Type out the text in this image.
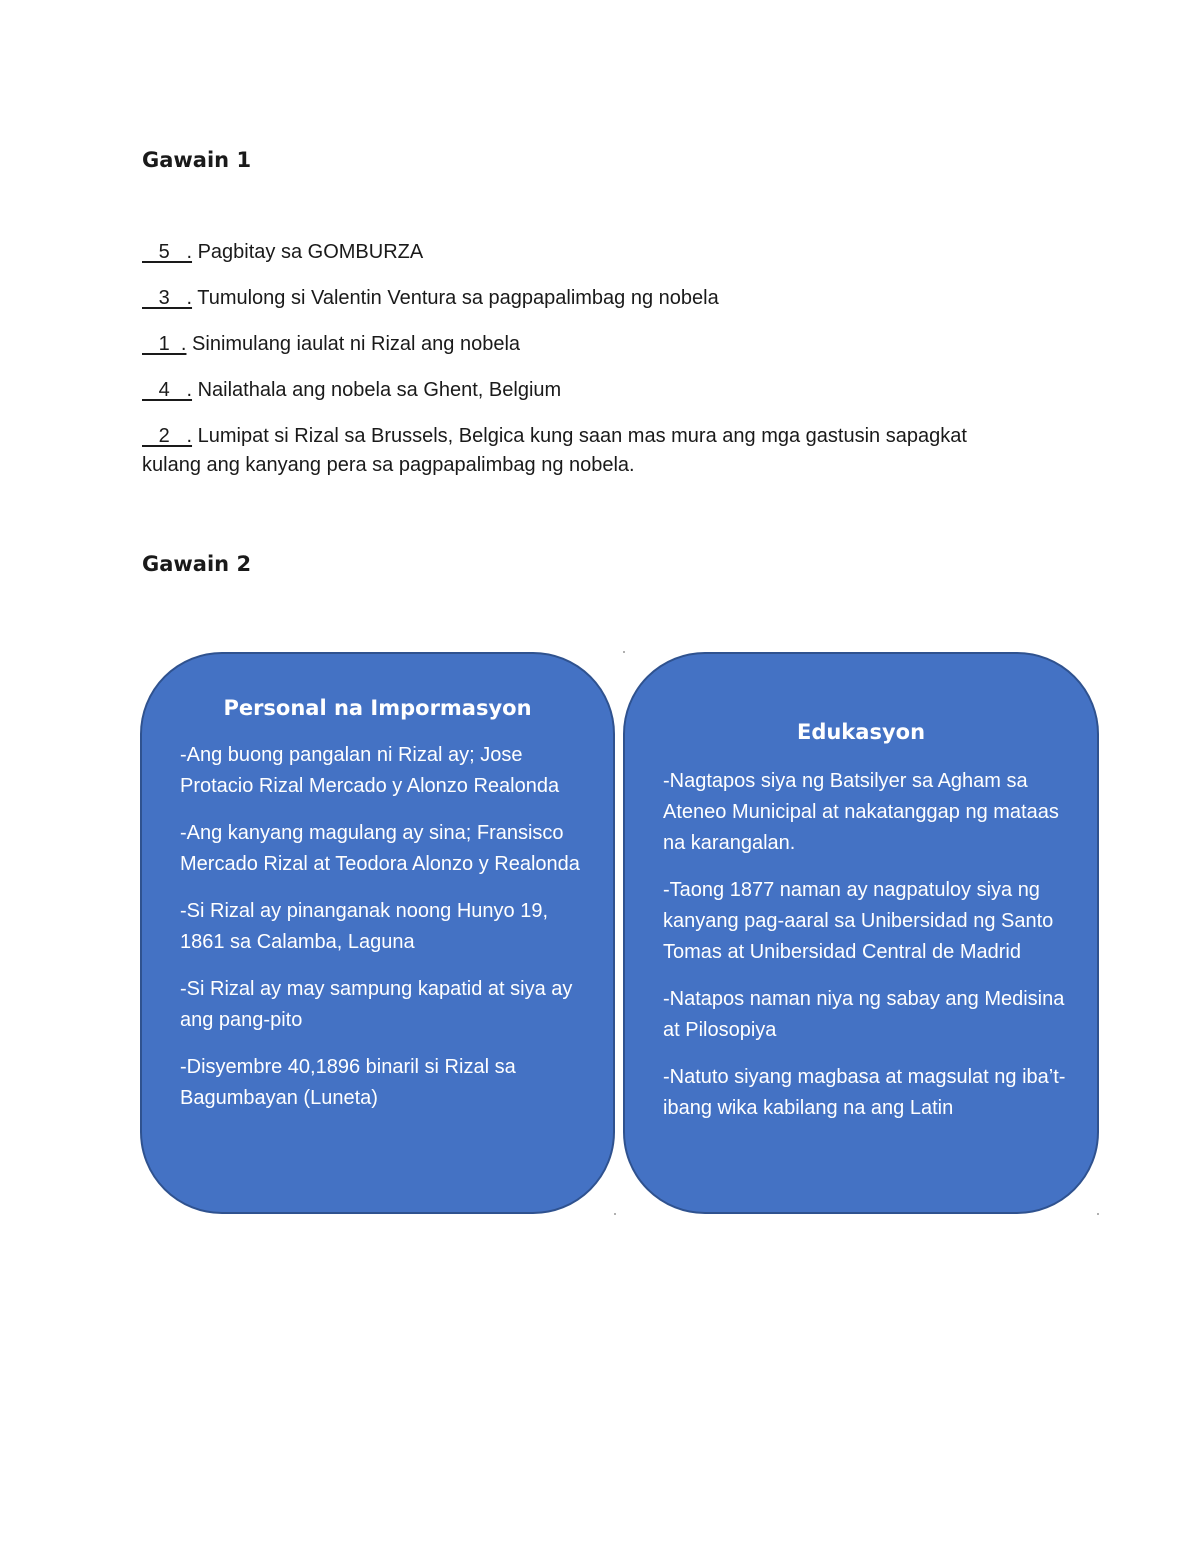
Gawain 1
5   . Pagbitay sa GOMBURZA
3   . Tumulong si Valentin Ventura sa pagpapalimbag ng nobela
1  . Sinimulang iaulat ni Rizal ang nobela
4   . Nailathala ang nobela sa Ghent, Belgium
2   . Lumipat si Rizal sa Brussels, Belgica kung saan mas mura ang mga gastusin sapagkat kulang ang kanyang pera sa pagpapalimbag ng nobela.
Gawain 2
Personal na Impormasyon
-Ang buong pangalan ni Rizal ay; Jose Protacio Rizal Mercado y Alonzo Realonda
-Ang kanyang magulang ay sina; Fransisco Mercado Rizal at Teodora Alonzo y Realonda
-Si Rizal ay pinanganak noong Hunyo 19, 1861 sa Calamba, Laguna
-Si Rizal ay may sampung kapatid at siya ay ang pang-pito
-Disyembre 40,1896 binaril si Rizal sa Bagumbayan (Luneta)
Edukasyon
-Nagtapos siya ng Batsilyer sa Agham sa Ateneo Municipal at nakatanggap ng mataas na karangalan.
-Taong 1877 naman ay nagpatuloy siya ng kanyang pag-aaral sa Unibersidad ng Santo Tomas at Unibersidad Central de Madrid
-Natapos naman niya ng sabay ang Medisina at Pilosopiya
-Natuto siyang magbasa at magsulat ng iba’t-ibang wika kabilang na ang Latin
